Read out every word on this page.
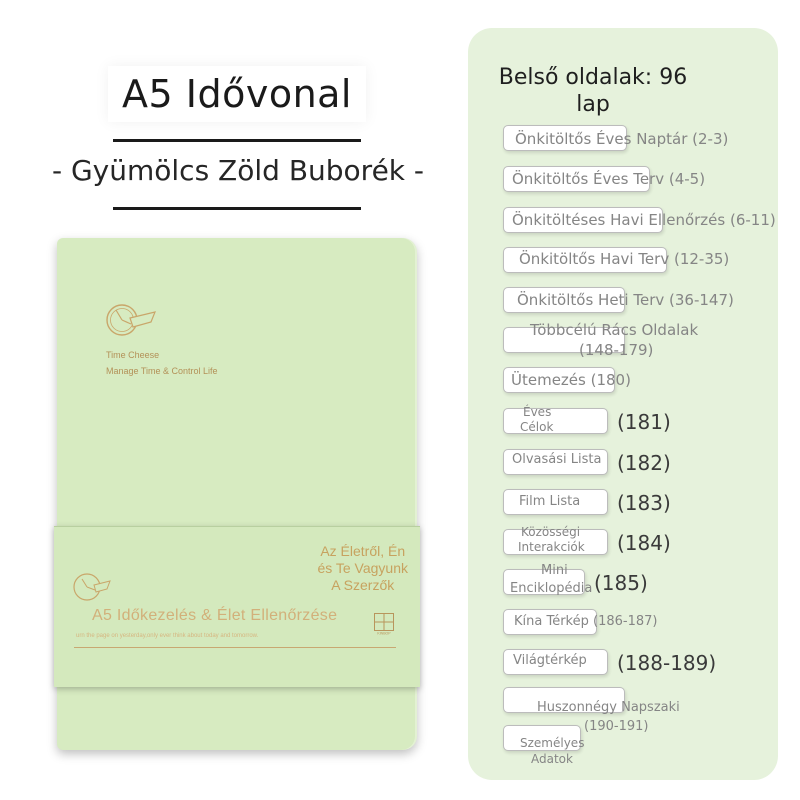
A5 Idővonal
- Gyümölcs Zöld Buborék -
Time Cheese
Manage Time & Control Life
Az Életről, Én
és Te Vagyunk
A Szerzők
A5 Időkezelés & Élet Ellenőrzése
urn the page on yesterday,only ever think about today and tomorrow.	KINBOP
Belső oldalak: 96
lap
Önkitöltős Éves Naptár (2-3)
Önkitöltős Éves Terv (4-5)
Önkitöltéses Havi Ellenőrzés (6-11)
Önkitöltős Havi Terv (12-35)
Önkitöltős Heti Terv (36-147)
Többcélú Rács Oldalak
(148-179)
Ütemezés (180)
Éves
Célok	(181)
Olvasási Lista (182)
Film Lista (183)
Közösségi
Interakciók (184)
Mini
Enciklopédia (185)
Kína Térkép (186-187)
Világtérkép (188-189)
Huszonnégy Napszaki
(190-191)
Személyes
Adatok
